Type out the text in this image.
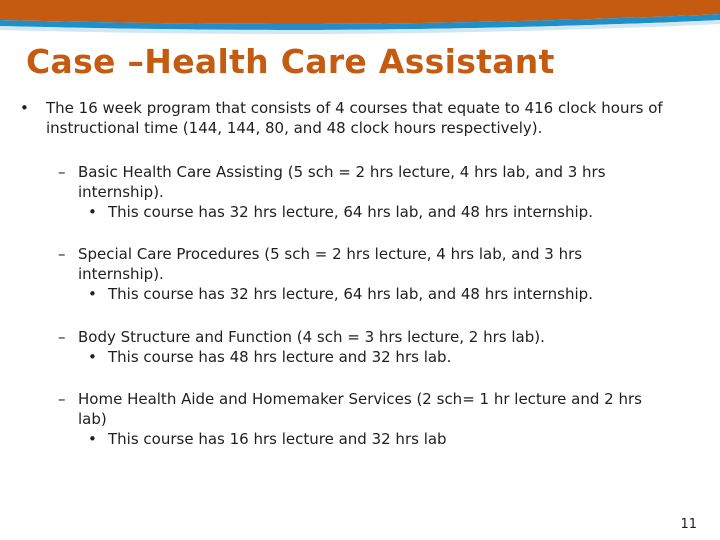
Case –Health Care Assistant
• The 16 week program that consists of 4 courses that equate to 416 clock hours of instructional time (144, 144, 80, and 48 clock hours respectively).
– Basic Health Care Assisting (5 sch = 2 hrs lecture, 4 hrs lab, and 3 hrs internship).
• This course has 32 hrs lecture, 64 hrs lab, and 48 hrs internship.
– Special Care Procedures (5 sch = 2 hrs lecture, 4 hrs lab, and 3 hrs internship).
• This course has 32 hrs lecture, 64 hrs lab, and 48 hrs internship.
– Body Structure and Function (4 sch = 3 hrs lecture, 2 hrs lab).
• This course has 48 hrs lecture and 32 hrs lab.
– Home Health Aide and Homemaker Services (2 sch= 1 hr lecture and 2 hrs lab)
• This course has 16 hrs lecture and 32 hrs lab
11
